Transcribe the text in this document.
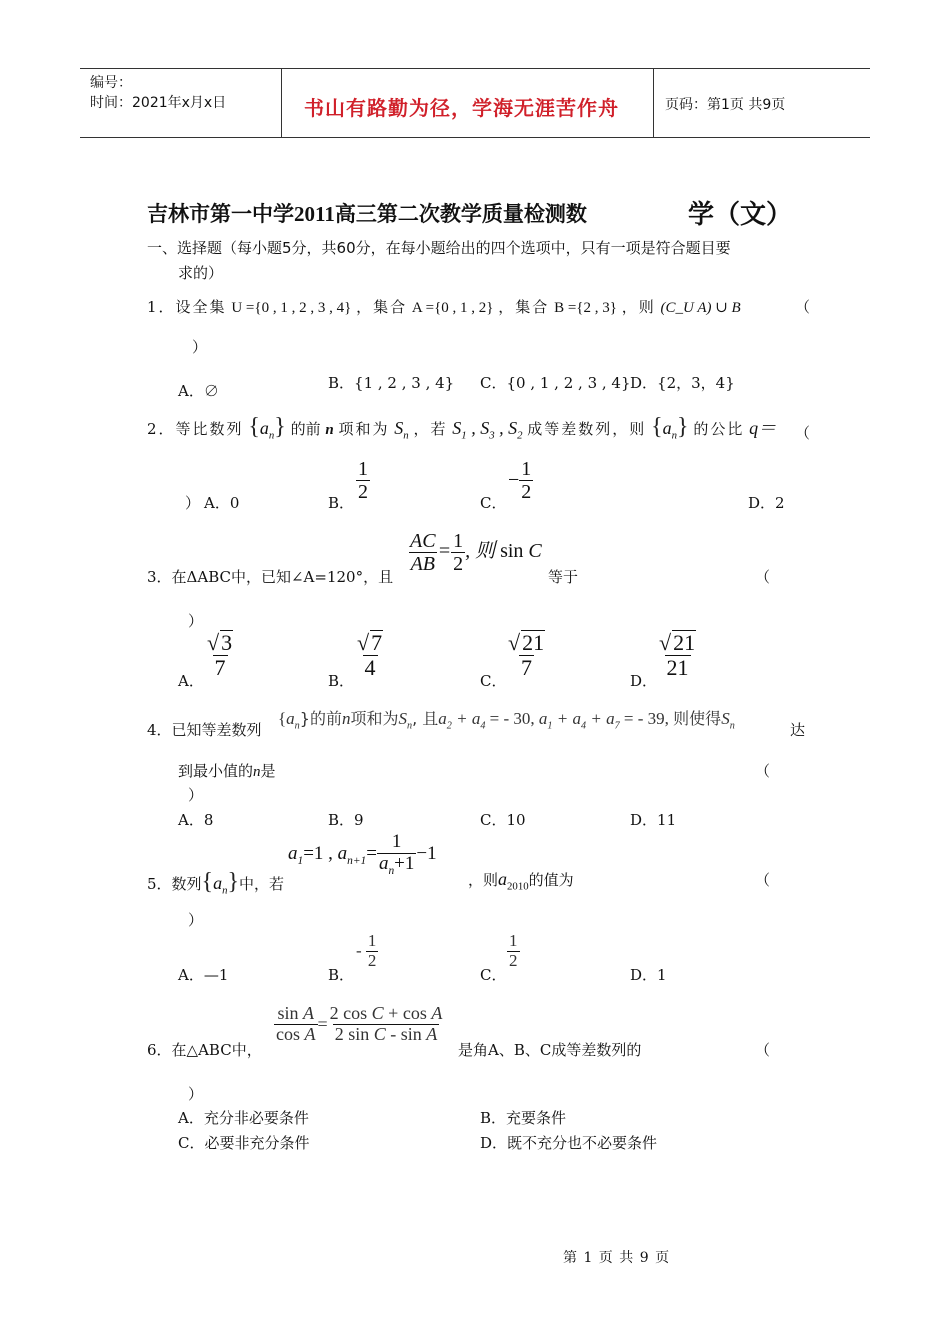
编号：
时间：2021年x月x日	书山有路勤为径，学海无涯苦作舟	页码：第1页 共9页
吉林市第一中学2011高三第二次教学质量检测数	学（文）
一、选择题（每小题5分，共60分，在每小题给出的四个选项中，只有一项是符合题目要
求的）
1．设全集 U ={0 , 1 , 2 , 3 , 4} ，集合 A ={0 , 1 , 2} ，集合 B ={2 , 3} ，则 (C_U A) ∪ B	（
）
A．∅	B．{1 , 2 , 3 , 4} C．{0 , 1 , 2 , 3 , 4} D．{2，3，4}
2．等比数列 $\{a_n\}$ 的前 n 项和为 $S_n$ ，若 $S_1$ , $S_3$ , $S_2$ 成等差数列，则 $\{a_n\}$ 的公比 q＝ （
） A．0	B． $\frac{1}{2}$	C．
− $\frac{1}{2}$	D．2
3．在ΔABC中，已知∠A=120°，且
$\frac{AC}{AB} = \frac{1}{2}$ , 则 sin C
等于	（
）
A．
$\frac{√3}{7}$
B．
$\frac{√7}{4}$
C．
$\frac{√21}{7}$
D．
$\frac{√21}{21}$
4．已知等差数列
$\{a_n\}$的前n项和为$S_n$, 且$a_2 + a_4$ = - 30, $a_1 + a_4 + a_7$ = - 39, 则使得$S_n$	达
到最小值的n是	（
）
A．8	B．9	C．10	D．11
5．数列$\{a_n\}$中，若
$a_1=1$ , $a_{n+1}= \frac{1}{a_n+1} -1$
，则$a_{2010}$的值为	（
）
A．—1	B．
- $\frac{1}{2}$
C．
$\frac{1}{2}$
D．1
6．在△ABC中，
$\frac{\text{sin A}}{\text{cos A}} = \frac{\text{2 cos C + cos A}}{\text{2 sin C - sin A}}$
是角A、B、C成等差数列的	（
）
A．充分非必要条件	B．充要条件
C．必要非充分条件	D．既不充分也不必要条件
第 1 页 共 9 页
